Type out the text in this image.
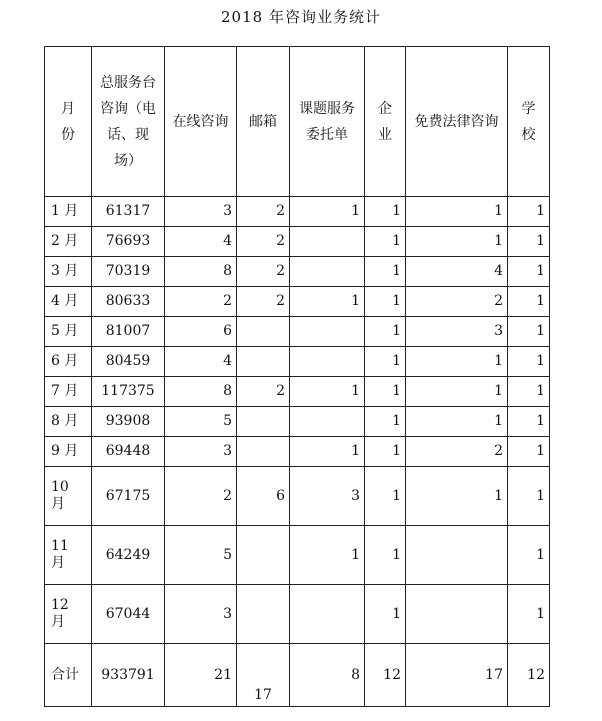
2018 年咨询业务统计
月份	总服务台咨询（电话、现场）	在线咨询	邮箱	课题服务委托单	企业	免费法律咨询	学校
1 月	61317	3	2	1	1	1	1
2 月	76693	4	2		1	1	1
3 月	70319	8	2		1	4	1
4 月	80633	2	2	1	1	2	1
5 月	81007	6			1	3	1
6 月	80459	4			1	1	1
7 月	117375	8	2	1	1	1	1
8 月	93908	5			1	1	1
9 月	69448	3		1	1	2	1
10 月	67175	2	6	3	1	1	1
11 月	64249	5		1	1		1
12 月	67044	3			1		1
合计	933791	21	17	8	12	17	12
